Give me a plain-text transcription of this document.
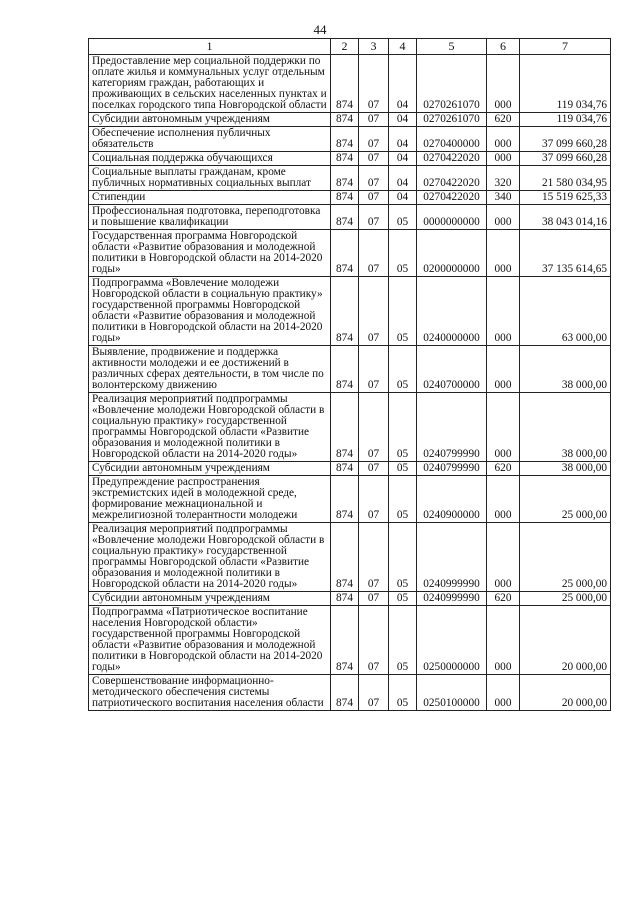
44
1	2	3	4	5	6	7
Предоставление мер социальной поддержки по оплате жилья и коммунальных услуг отдельным категориям граждан, работающих и проживающих в сельских населенных пунктах и поселках городского типа Новгородской области	874	07	04	0270261070	000	119 034,76
Субсидии автономным учреждениям	874	07	04	0270261070	620	119 034,76
Обеспечение исполнения публичных обязательств	874	07	04	0270400000	000	37 099 660,28
Социальная поддержка обучающихся	874	07	04	0270422020	000	37 099 660,28
Социальные выплаты гражданам, кроме публичных нормативных социальных выплат	874	07	04	0270422020	320	21 580 034,95
Стипендии	874	07	04	0270422020	340	15 519 625,33
Профессиональная подготовка, переподготовка и повышение квалификации	874	07	05	0000000000	000	38 043 014,16
Государственная программа Новгородской области «Развитие образования и молодежной политики в Новгородской области на 2014-2020 годы»	874	07	05	0200000000	000	37 135 614,65
Подпрограмма «Вовлечение молодежи Новгородской области в социальную практику» государственной программы Новгородской области «Развитие образования и молодежной политики в Новгородской области на 2014-2020 годы»	874	07	05	0240000000	000	63 000,00
Выявление, продвижение и поддержка активности молодежи и ее достижений в различных сферах деятельности, в том числе по волонтерскому движению	874	07	05	0240700000	000	38 000,00
Реализация мероприятий подпрограммы «Вовлечение молодежи Новгородской области в социальную практику» государственной программы Новгородской области «Развитие образования и молодежной политики в Новгородской области на 2014-2020 годы»	874	07	05	0240799990	000	38 000,00
Субсидии автономным учреждениям	874	07	05	0240799990	620	38 000,00
Предупреждение распространения экстремистских идей в молодежной среде, формирование межнациональной и межрелигиозной толерантности молодежи	874	07	05	0240900000	000	25 000,00
Реализация мероприятий подпрограммы «Вовлечение молодежи Новгородской области в социальную практику» государственной программы Новгородской области «Развитие образования и молодежной политики в Новгородской области на 2014-2020 годы»	874	07	05	0240999990	000	25 000,00
Субсидии автономным учреждениям	874	07	05	0240999990	620	25 000,00
Подпрограмма «Патриотическое воспитание населения Новгородской области» государственной программы Новгородской области «Развитие образования и молодежной политики в Новгородской области на 2014-2020 годы»	874	07	05	0250000000	000	20 000,00
Совершенствование информационно-методического обеспечения системы патриотического воспитания населения области	874	07	05	0250100000	000	20 000,00
